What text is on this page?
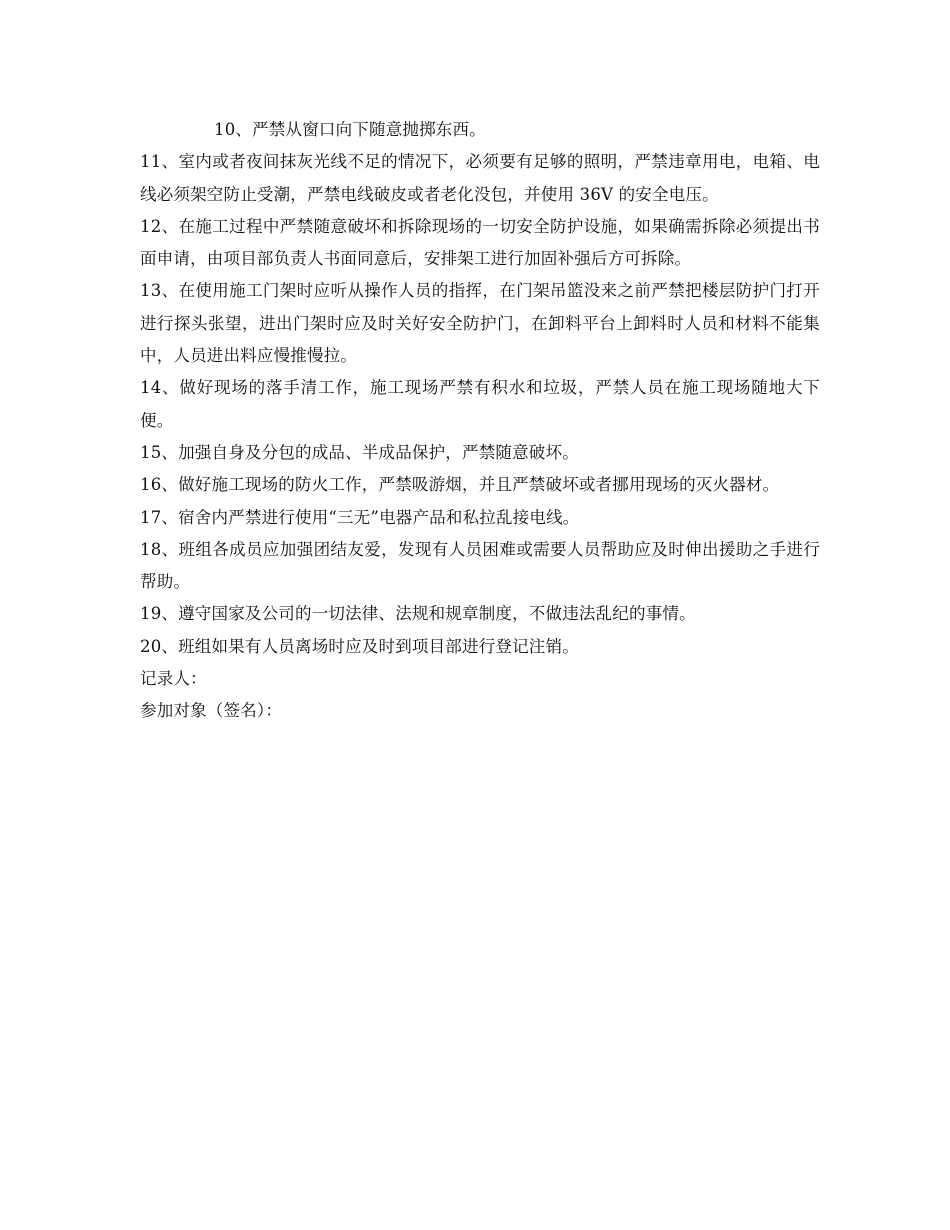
10、严禁从窗口向下随意抛掷东西。

11、室内或者夜间抹灰光线不足的情况下，必须要有足够的照明，严禁违章用电，电箱、电线必须架空防止受潮，严禁电线破皮或者老化没包，并使用 36V 的安全电压。

12、在施工过程中严禁随意破坏和拆除现场的一切安全防护设施，如果确需拆除必须提出书面申请，由项目部负责人书面同意后，安排架工进行加固补强后方可拆除。

13、在使用施工门架时应听从操作人员的指挥，在门架吊篮没来之前严禁把楼层防护门打开进行探头张望，进出门架时应及时关好安全防护门，在卸料平台上卸料时人员和材料不能集中，人员进出料应慢推慢拉。

14、做好现场的落手清工作，施工现场严禁有积水和垃圾，严禁人员在施工现场随地大下便。

15、加强自身及分包的成品、半成品保护，严禁随意破坏。

16、做好施工现场的防火工作，严禁吸游烟，并且严禁破坏或者挪用现场的灭火器材。

17、宿舍内严禁进行使用“三无”电器产品和私拉乱接电线。

18、班组各成员应加强团结友爱，发现有人员困难或需要人员帮助应及时伸出援助之手进行帮助。

19、遵守国家及公司的一切法律、法规和规章制度，不做违法乱纪的事情。

20、班组如果有人员离场时应及时到项目部进行登记注销。

记录人：

参加对象（签名）：
